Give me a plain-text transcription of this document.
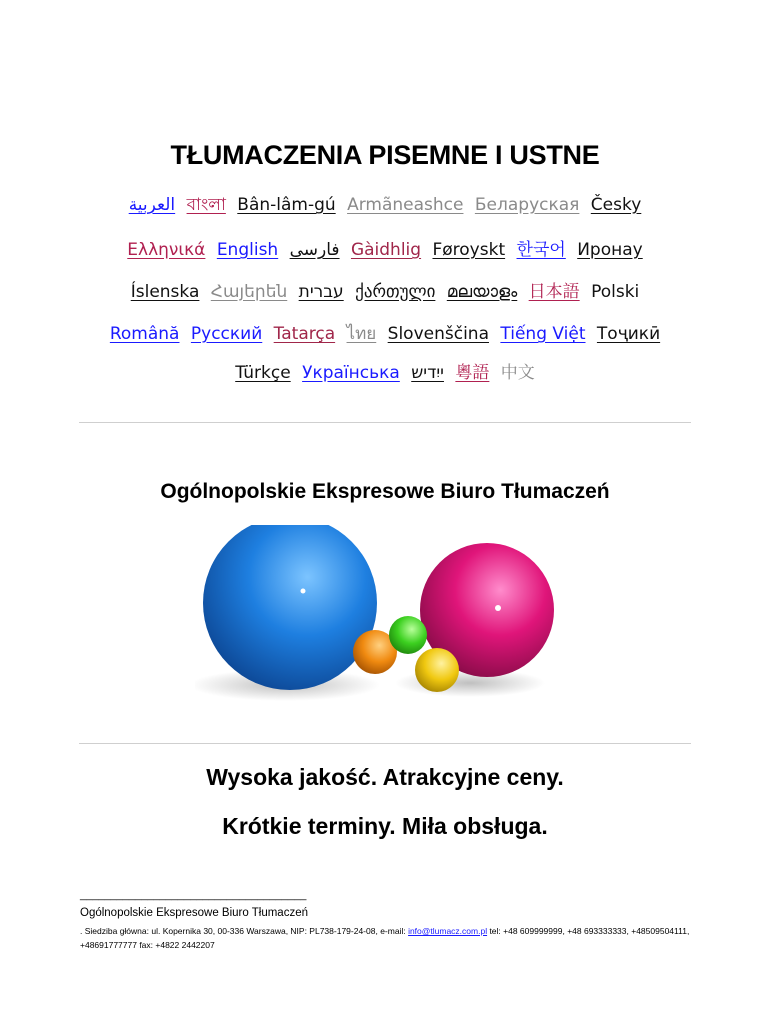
TŁUMACZENIA PISEMNE I USTNE
العربية বাংলা Bân-lâm-gú Armãneashce Беларуская Česky
Ελληνικά English فارسی Gàidhlig Føroyskt 한국어 Иронау
Íslenska Հայերեն עברית ქართული മലയാളം 日本語 Polski
Română Русский Tatarça ไทย Slovenščina Tiếng Việt Тоҷикӣ
Türkçe Українська ייִדיש 粵語 中文
Ogólnopolskie Ekspresowe Biuro Tłumaczeń
Wysoka jakość. Atrakcyjne ceny.
Krótkie terminy. Miła obsługa.
_____________________________________
Ogólnopolskie Ekspresowe Biuro Tłumaczeń
. Siedziba główna: ul. Kopernika 30, 00-336 Warszawa, NIP: PL738-179-24-08, e-mail: info@tlumacz.com.pl tel: +48 609999999, +48 693333333, +48509504111, +48691777777 fax: +4822 2442207
